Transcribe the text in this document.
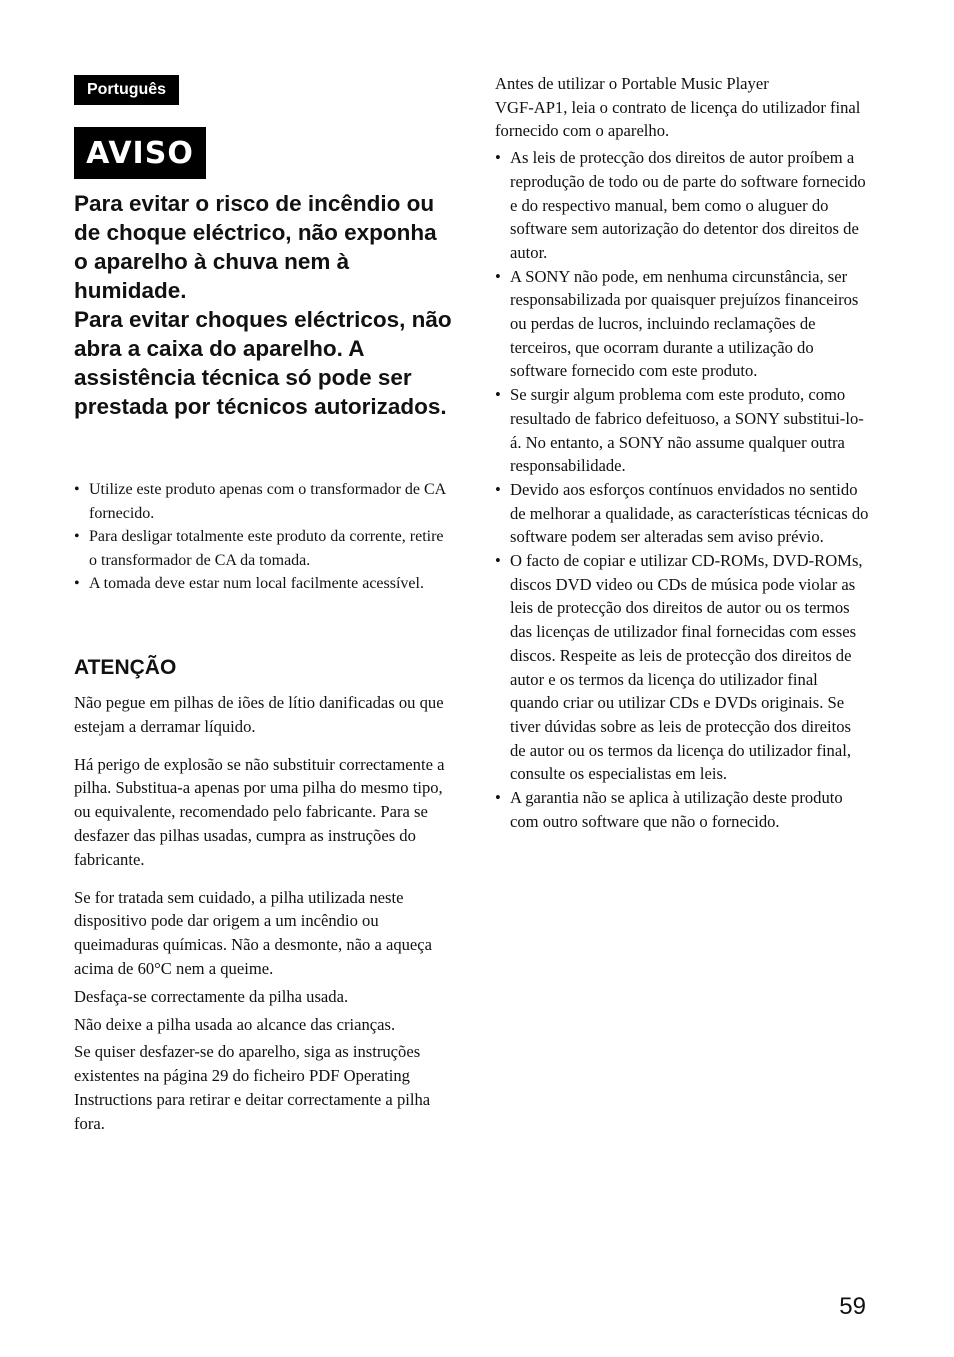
Português
AVISO

Para evitar o risco de incêndio ou de choque eléctrico, não exponha o aparelho à chuva nem à humidade.

Para evitar choques eléctricos, não abra a caixa do aparelho. A assistência técnica só pode ser prestada por técnicos autorizados.

• Utilize este produto apenas com o transformador de CA fornecido.
• Para desligar totalmente este produto da corrente, retire o transformador de CA da tomada.
• A tomada deve estar num local facilmente acessível.
ATENÇÃO

Não pegue em pilhas de iões de lítio danificadas ou que estejam a derramar líquido.

Há perigo de explosão se não substituir correctamente a pilha. Substitua-a apenas por uma pilha do mesmo tipo, ou equivalente, recomendado pelo fabricante. Para se desfazer das pilhas usadas, cumpra as instruções do fabricante.

Se for tratada sem cuidado, a pilha utilizada neste dispositivo pode dar origem a um incêndio ou queimaduras químicas. Não a desmonte, não a aqueça acima de 60°C nem a queime.

Desfaça-se correctamente da pilha usada.

Não deixe a pilha usada ao alcance das crianças.

Se quiser desfazer-se do aparelho, siga as instruções existentes na página 29 do ficheiro PDF Operating Instructions para retirar e deitar correctamente a pilha fora.

Antes de utilizar o Portable Music Player

VGF-AP1, leia o contrato de licença do utilizador final fornecido com o aparelho.

• As leis de protecção dos direitos de autor proíbem a reprodução de todo ou de parte do software fornecido e do respectivo manual, bem como o aluguer do software sem autorização do detentor dos direitos de autor.
• A SONY não pode, em nenhuma circunstância, ser responsabilizada por quaisquer prejuízos financeiros ou perdas de lucros, incluindo reclamações de terceiros, que ocorram durante a utilização do software fornecido com este produto.
• Se surgir algum problema com este produto, como resultado de fabrico defeituoso, a SONY substitui-lo-á. No entanto, a SONY não assume qualquer outra responsabilidade.
• Devido aos esforços contínuos envidados no sentido de melhorar a qualidade, as características técnicas do software podem ser alteradas sem aviso prévio.
• O facto de copiar e utilizar CD-ROMs, DVD-ROMs, discos DVD video ou CDs de música pode violar as leis de protecção dos direitos de autor ou os termos das licenças de utilizador final fornecidas com esses discos. Respeite as leis de protecção dos direitos de autor e os termos da licença do utilizador final quando criar ou utilizar CDs e DVDs originais. Se tiver dúvidas sobre as leis de protecção dos direitos de autor ou os termos da licença do utilizador final, consulte os especialistas em leis.
• A garantia não se aplica à utilização deste produto com outro software que não o fornecido.
59
